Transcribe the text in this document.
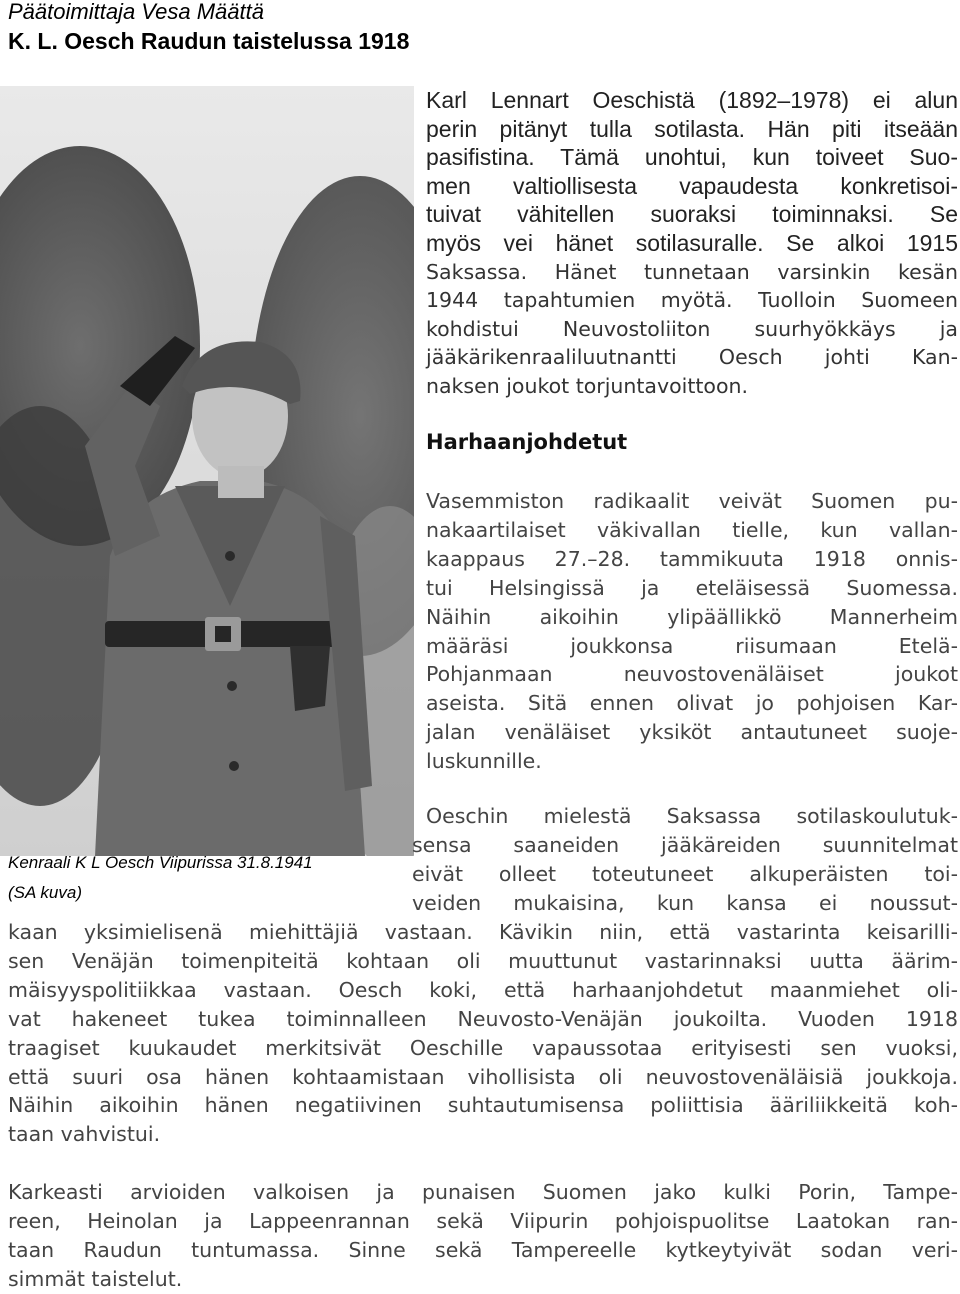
Päätoimittaja Vesa Määttä
K. L. Oesch Raudun taistelussa 1918
Kenraali K L Oesch Viipurissa 31.8.1941
(SA kuva)
Karl Lennart Oeschistä (1892–1978) ei alun
perin pitänyt tulla sotilasta. Hän piti itseään
pasifistina. Tämä unohtui, kun toiveet Suo-
men valtiollisesta vapaudesta konkretisoi-
tuivat vähitellen suoraksi toiminnaksi. Se
myös vei hänet sotilasuralle. Se alkoi 1915
Saksassa. Hänet tunnetaan varsinkin kesän
1944 tapahtumien myötä. Tuolloin Suomeen
kohdistui Neuvostoliiton suurhyökkäys ja
jääkärikenraaliluutnantti Oesch johti Kan-
naksen joukot torjuntavoittoon.
Harhaanjohdetut
Vasemmiston radikaalit veivät Suomen pu-
nakaartilaiset väkivallan tielle, kun vallan-
kaappaus 27.–28. tammikuuta 1918 onnis-
tui Helsingissä ja eteläisessä Suomessa.
Näihin aikoihin ylipäällikkö Mannerheim
määräsi joukkonsa riisumaan Etelä-
Pohjanmaan neuvostovenäläiset joukot
aseista. Sitä ennen olivat jo pohjoisen Kar-
jalan venäläiset yksiköt antautuneet suoje-
luskunnille.
Oeschin mielestä Saksassa sotilaskoulutuk-
sensa saaneiden jääkäreiden suunnitelmat
eivät olleet toteutuneet alkuperäisten toi-
veiden mukaisina, kun kansa ei noussut-
kaan yksimielisenä miehittäjiä vastaan. Kävikin niin, että vastarinta keisarilli-
sen Venäjän toimenpiteitä kohtaan oli muuttunut vastarinnaksi uutta äärim-
mäisyyspolitiikkaa vastaan. Oesch koki, että harhaanjohdetut maanmiehet oli-
vat hakeneet tukea toiminnalleen Neuvosto-Venäjän joukoilta. Vuoden 1918
traagiset kuukaudet merkitsivät Oeschille vapaussotaa erityisesti sen vuoksi,
että suuri osa hänen kohtaamistaan vihollisista oli neuvostovenäläisiä joukkoja.
Näihin aikoihin hänen negatiivinen suhtautumisensa poliittisia ääriliikkeitä koh-
taan vahvistui.
Karkeasti arvioiden valkoisen ja punaisen Suomen jako kulki Porin, Tampe-
reen, Heinolan ja Lappeenrannan sekä Viipurin pohjoispuolitse Laatokan ran-
taan Raudun tuntumassa. Sinne sekä Tampereelle kytkeytyivät sodan veri-
simmät taistelut.
